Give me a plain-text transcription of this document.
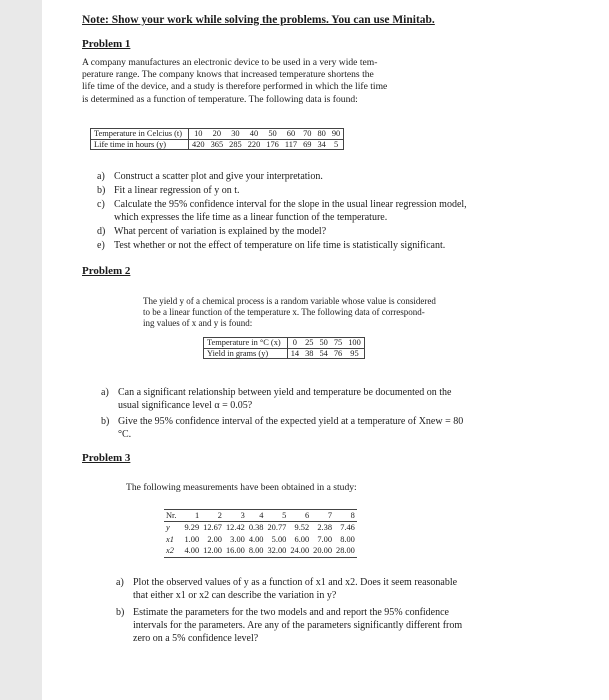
Note: Show your work while solving the problems. You can use Minitab.
Problem 1
A company manufactures an electronic device to be used in a very wide tem-
perature range. The company knows that increased temperature shortens the
life time of the device, and a study is therefore performed in which the life time
is determined as a function of temperature. The following data is found:
Temperature in Celcius (t)	10	20	30	40	50	60	70	80	90
Life time in hours (y)	420	365	285	220	176	117	69	34	5
a) Construct a scatter plot and give your interpretation.
b) Fit a linear regression of y on t.
c) Calculate the 95% confidence interval for the slope in the usual linear regression model,
which expresses the life time as a linear function of the temperature.
d) What percent of variation is explained by the model?
e) Test whether or not the effect of temperature on life time is statistically significant.
Problem 2
The yield y of a chemical process is a random variable whose value is considered
to be a linear function of the temperature x. The following data of correspond-
ing values of x and y is found:
Temperature in °C (x)	0	25	50	75	100
Yield in grams (y)	14	38	54	76	95
a) Can a significant relationship between yield and temperature be documented on the
usual significance level α = 0.05?
b) Give the 95% confidence interval of the expected yield at a temperature of Xnew = 80
°C.
Problem 3
The following measurements have been obtained in a study:
Nr.	1	2	3	4	5	6	7	8
y	9.29	12.67	12.42	0.38	20.77	9.52	2.38	7.46
x1	1.00	2.00	3.00	4.00	5.00	6.00	7.00	8.00
x2	4.00	12.00	16.00	8.00	32.00	24.00	20.00	28.00
a) Plot the observed values of y as a function of x1 and x2. Does it seem reasonable
that either x1 or x2 can describe the variation in y?
b) Estimate the parameters for the two models and and report the 95% confidence
intervals for the parameters. Are any of the parameters significantly different from
zero on a 5% confidence level?
